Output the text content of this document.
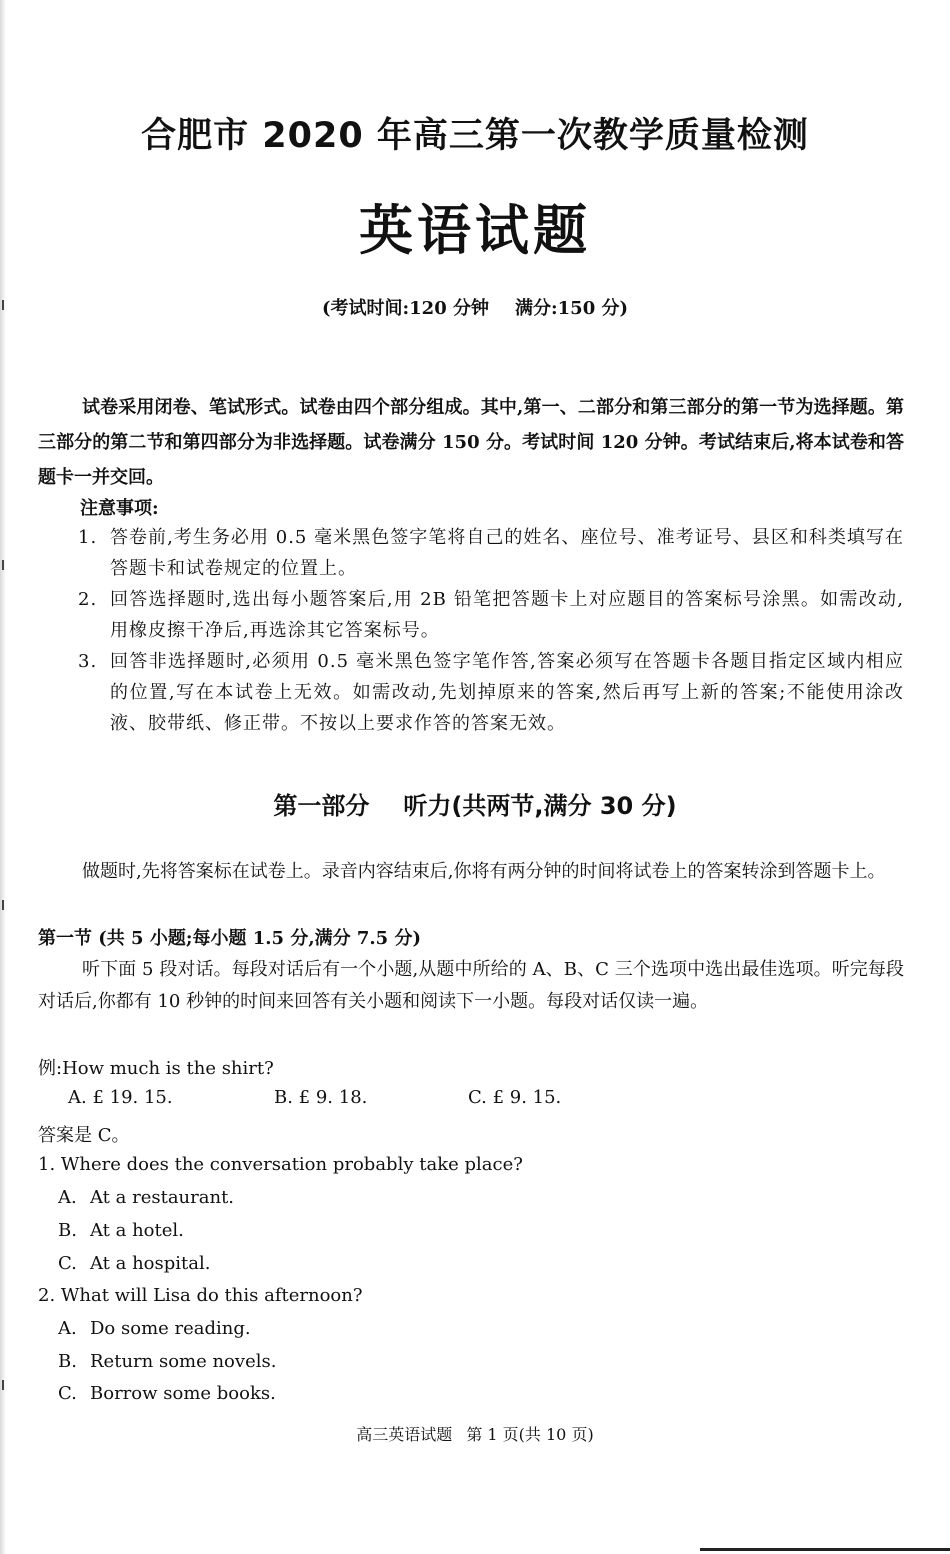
合肥市 2020 年高三第一次教学质量检测
英语试题
(考试时间:120 分钟 满分:150 分)
试卷采用闭卷、笔试形式。试卷由四个部分组成。其中,第一、二部分和第三部分的第一节为选择题。第三部分的第二节和第四部分为非选择题。试卷满分 150 分。考试时间 120 分钟。考试结束后,将本试卷和答题卡一并交回。
注意事项:
1. 答卷前,考生务必用 0.5 毫米黑色签字笔将自己的姓名、座位号、准考证号、县区和科类填写在答题卡和试卷规定的位置上。
2. 回答选择题时,选出每小题答案后,用 2B 铅笔把答题卡上对应题目的答案标号涂黑。如需改动,用橡皮擦干净后,再选涂其它答案标号。
3. 回答非选择题时,必须用 0.5 毫米黑色签字笔作答,答案必须写在答题卡各题目指定区域内相应的位置,写在本试卷上无效。如需改动,先划掉原来的答案,然后再写上新的答案;不能使用涂改液、胶带纸、修正带。不按以上要求作答的答案无效。
第一部分 听力(共两节,满分 30 分)
做题时,先将答案标在试卷上。录音内容结束后,你将有两分钟的时间将试卷上的答案转涂到答题卡上。
第一节 (共 5 小题;每小题 1.5 分,满分 7.5 分)
听下面 5 段对话。每段对话后有一个小题,从题中所给的 A、B、C 三个选项中选出最佳选项。听完每段对话后,你都有 10 秒钟的时间来回答有关小题和阅读下一小题。每段对话仅读一遍。
例:How much is the shirt?
A. £ 19. 15.	B. £ 9. 18.	C. £ 9. 15.
答案是 C。
1. Where does the conversation probably take place?
A. At a restaurant.
B. At a hotel.
C. At a hospital.
2. What will Lisa do this afternoon?
A. Do some reading.
B. Return some novels.
C. Borrow some books.
高三英语试题 第 1 页(共 10 页)
